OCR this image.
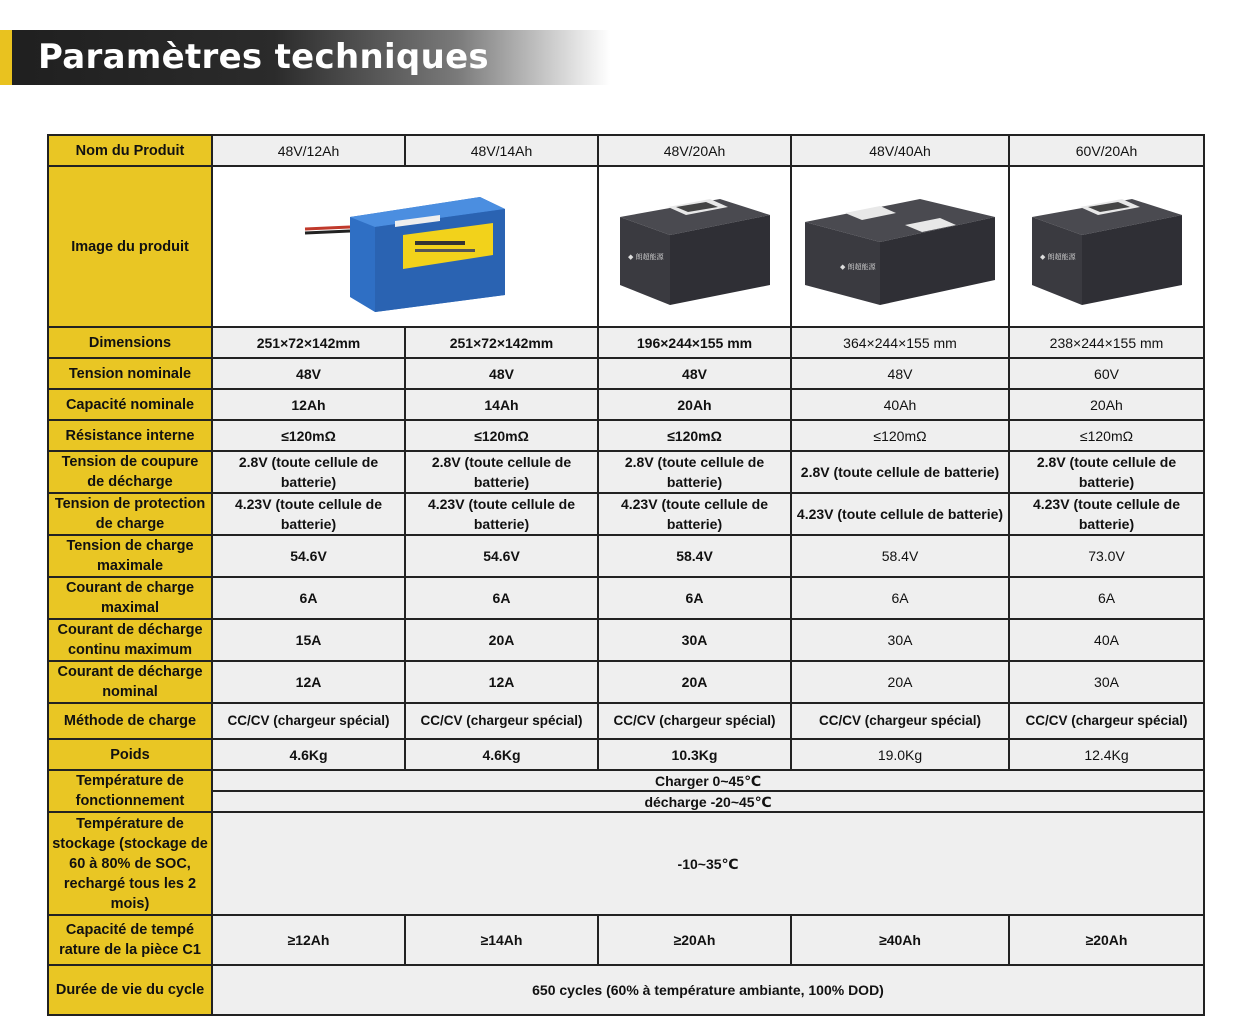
Paramètres techniques
Nom du Produit	48V/12Ah	48V/14Ah	48V/20Ah	48V/40Ah	60V/20Ah
Image du produit			◆ 朗超能源	◆ 朗超能源	◆ 朗超能源

Dimensions	251×72×142mm	251×72×142mm	196×244×155 mm	364×244×155 mm	238×244×155 mm
Tension nominale	48V	48V	48V	48V	60V
Capacité nominale	12Ah	14Ah	20Ah	40Ah	20Ah
Résistance interne	≤120mΩ	≤120mΩ	≤120mΩ	≤120mΩ	≤120mΩ
Tension de coupure de décharge	2.8V (toute cellule de batterie)	2.8V (toute cellule de batterie)	2.8V (toute cellule de batterie)	2.8V (toute cellule de batterie)	2.8V (toute cellule de batterie)
Tension de protection de charge	4.23V (toute cellule de batterie)	4.23V (toute cellule de batterie)	4.23V (toute cellule de batterie)	4.23V (toute cellule de batterie)	4.23V (toute cellule de batterie)
Tension de charge maximale	54.6V	54.6V	58.4V	58.4V	73.0V
Courant de charge maximal	6A	6A	6A	6A	6A
Courant de décharge continu maximum	15A	20A	30A	30A	40A
Courant de décharge nominal	12A	12A	20A	20A	30A
Méthode de charge	CC/CV (chargeur spécial)	CC/CV (chargeur spécial)	CC/CV (chargeur spécial)	CC/CV (chargeur spécial)	CC/CV (chargeur spécial)
Poids	4.6Kg	4.6Kg	10.3Kg	19.0Kg	12.4Kg
Température de fonctionnement	Charger 0~45℃				
	décharge -20~45℃				
Température de stockage (stockage de 60 à 80% de SOC, rechargé tous les 2 mois)	-10~35℃				
Capacité de tempé rature de la pièce C1	≥12Ah	≥14Ah	≥20Ah	≥40Ah	≥20Ah
Durée de vie du cycle	650 cycles (60% à température ambiante, 100% DOD)				
